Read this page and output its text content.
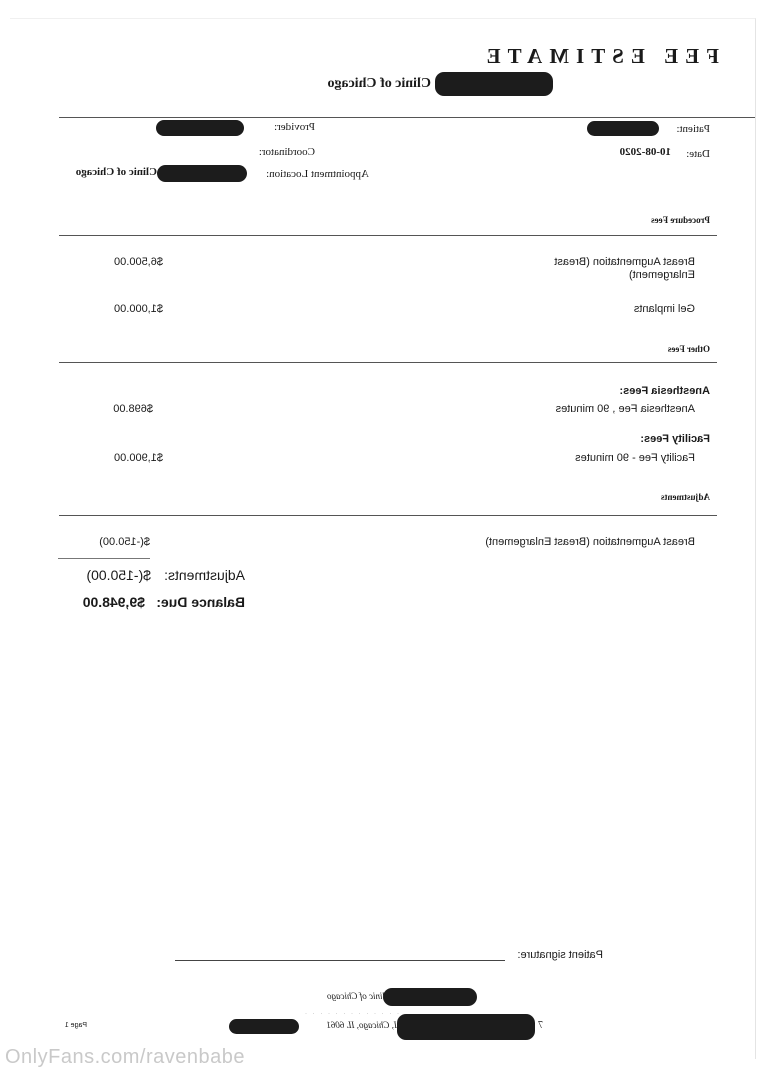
FEE ESTIMATE
Clinic of Chicago
Patient:
Date:
10-08-2020
Provider:
Coordinator:
Appointment Location:
Clinic of Chicago
Procedure Fees
Breast Augmentation (Breast
Enlargement)
$6,500.00
Gel implants
$1,000.00
Other Fees
Anesthesia Fees:
Anesthesia Fee , 90 minutes
$698.00
Facility Fees:
Facility Fee - 90 minutes
$1,900.00
Adjustments
Breast Augmentation (Breast Enlargement)
$(-150.00)
Adjustments:
$(-150.00)
Balance Due:
$9,948.00
Patient signature:
linic of Chicago
· · · · · · · · · · · · ·
7
I, Chicago, IL 6061
Page 1
OnlyFans.com/ravenbabe
